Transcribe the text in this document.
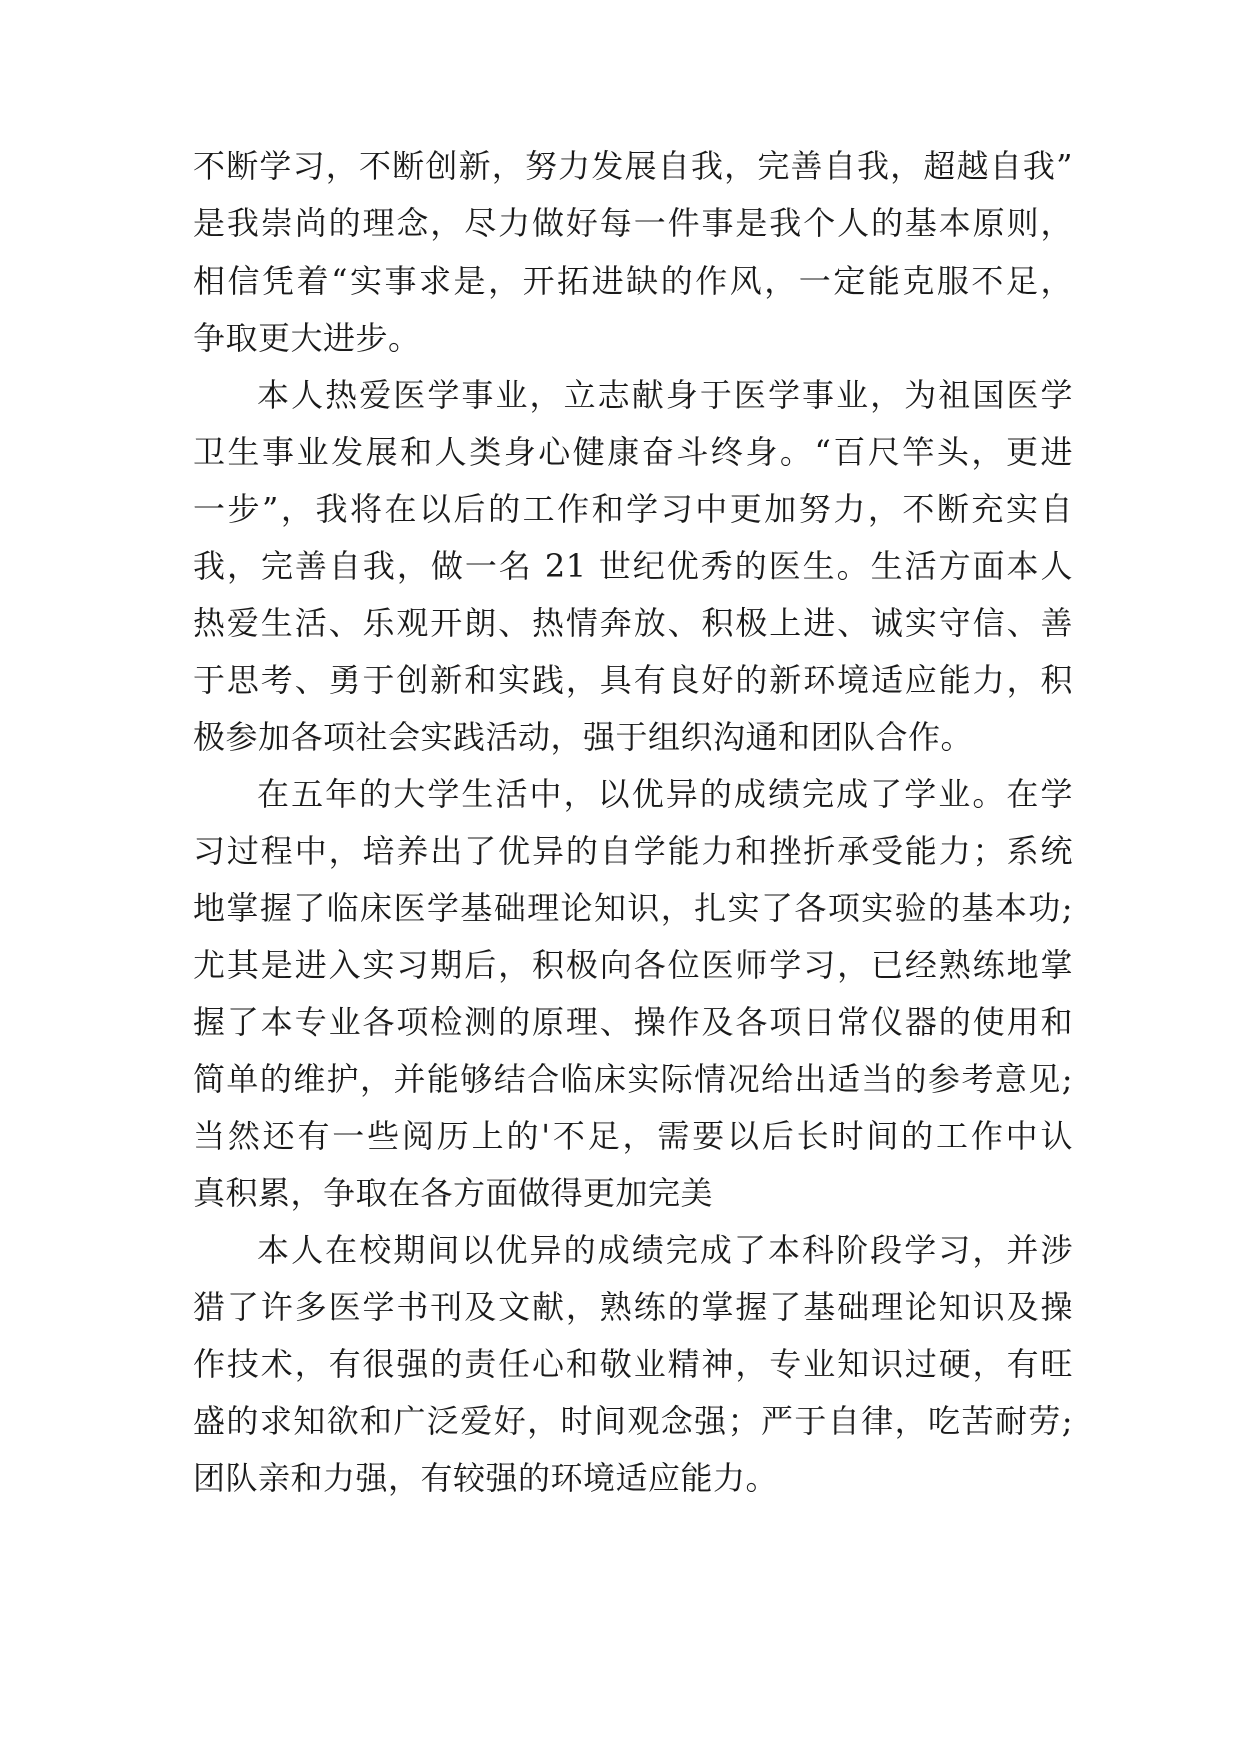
不断学习，不断创新，努力发展自我，完善自我，超越自我”
是我崇尚的理念，尽力做好每一件事是我个人的基本原则，
相信凭着“实事求是，开拓进缺的作风，一定能克服不足，
争取更大进步。
本人热爱医学事业，立志献身于医学事业，为祖国医学
卫生事业发展和人类身心健康奋斗终身。“百尺竿头，更进
一步”，我将在以后的工作和学习中更加努力，不断充实自
我，完善自我，做一名 21 世纪优秀的医生。生活方面本人
热爱生活、乐观开朗、热情奔放、积极上进、诚实守信、善
于思考、勇于创新和实践，具有良好的新环境适应能力，积
极参加各项社会实践活动，强于组织沟通和团队合作。
在五年的大学生活中，以优异的成绩完成了学业。在学
习过程中，培养出了优异的自学能力和挫折承受能力；系统
地掌握了临床医学基础理论知识，扎实了各项实验的基本功;
尤其是进入实习期后，积极向各位医师学习，已经熟练地掌
握了本专业各项检测的原理、操作及各项日常仪器的使用和
简单的维护，并能够结合临床实际情况给出适当的参考意见;
当然还有一些阅历上的'不足，需要以后长时间的工作中认
真积累，争取在各方面做得更加完美
本人在校期间以优异的成绩完成了本科阶段学习，并涉
猎了许多医学书刊及文献，熟练的掌握了基础理论知识及操
作技术，有很强的责任心和敬业精神，专业知识过硬，有旺
盛的求知欲和广泛爱好，时间观念强；严于自律，吃苦耐劳;
团队亲和力强，有较强的环境适应能力。
